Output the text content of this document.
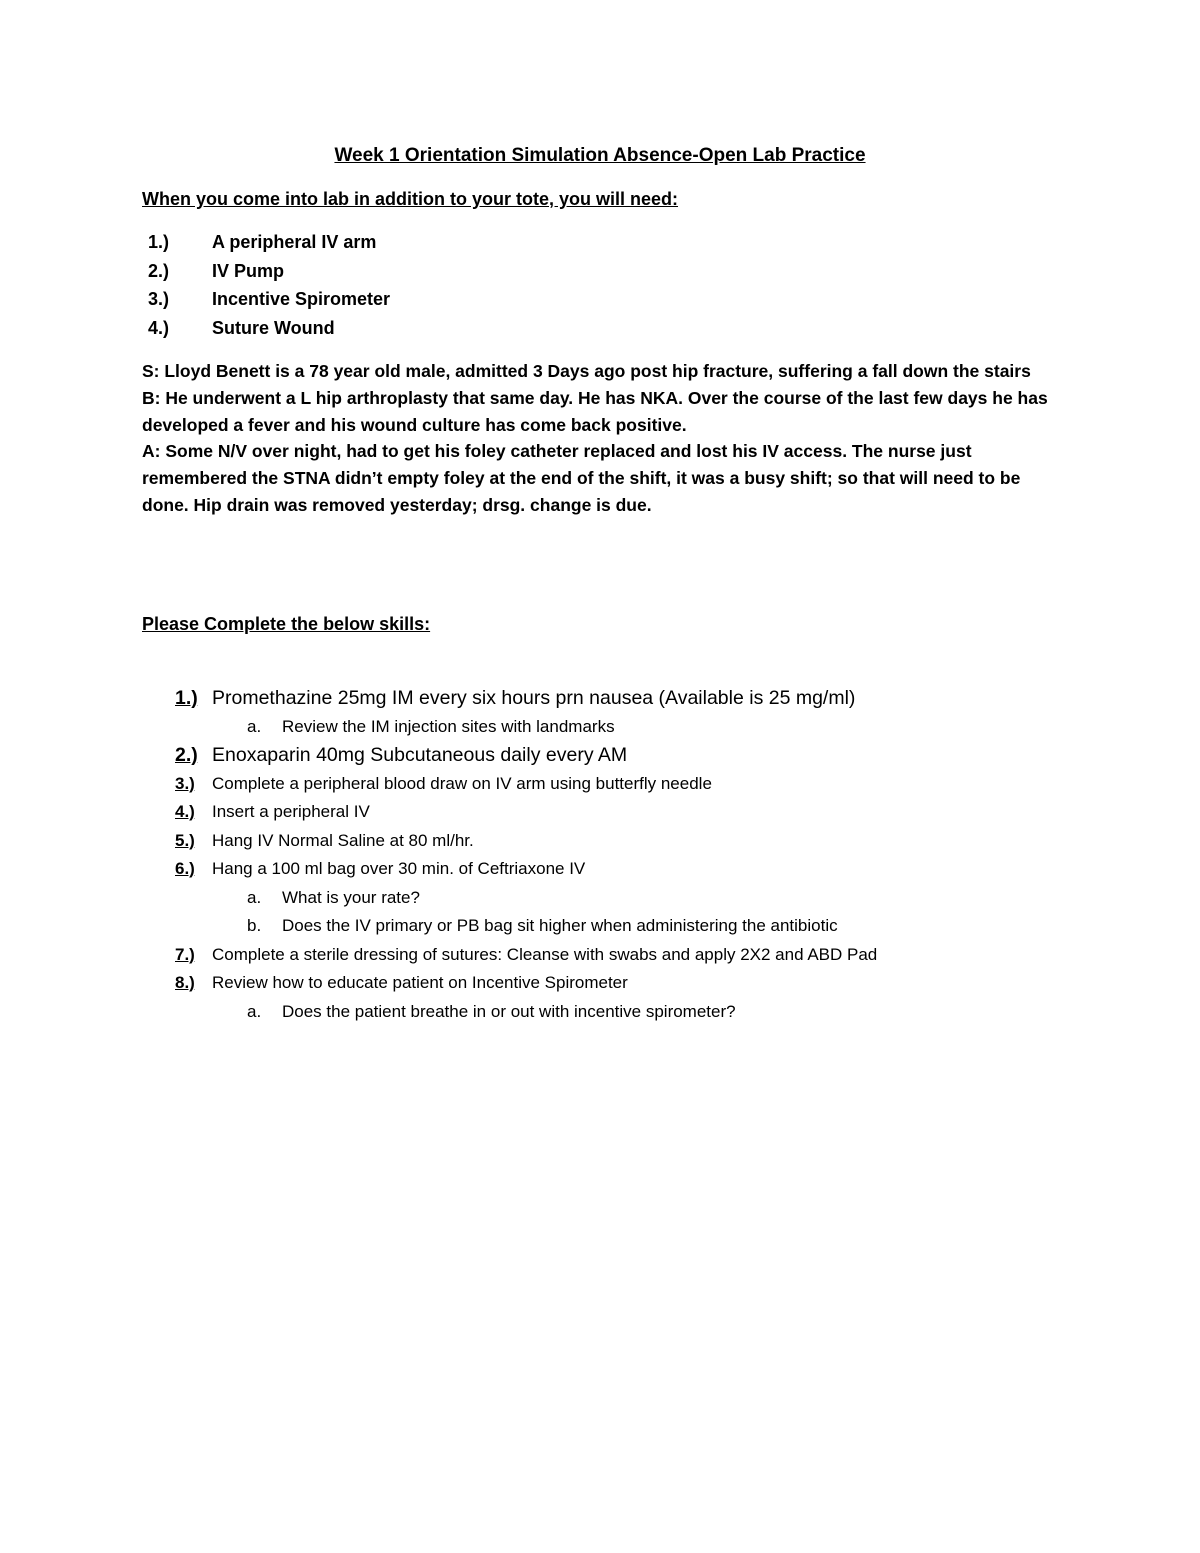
Week 1 Orientation Simulation Absence-Open Lab Practice

When you come into lab in addition to your tote, you will need:

1.) A peripheral IV arm
2.) IV Pump
3.) Incentive Spirometer
4.) Suture Wound

S: Lloyd Benett is a 78 year old male, admitted 3 Days ago post hip fracture, suffering a fall down the stairs

B: He underwent a L hip arthroplasty that same day. He has NKA. Over the course of the last few days he has developed a fever and his wound culture has come back positive.

A: Some N/V over night, had to get his foley catheter replaced and lost his IV access. The nurse just remembered the STNA didn’t empty foley at the end of the shift, it was a busy shift; so that will need to be done. Hip drain was removed yesterday; drsg. change is due.

Please Complete the below skills:

1.) Promethazine 25mg IM every six hours prn nausea (Available is 25 mg/ml)
a. Review the IM injection sites with landmarks
2.) Enoxaparin 40mg Subcutaneous daily every AM
3.) Complete a peripheral blood draw on IV arm using butterfly needle
4.) Insert a peripheral IV
5.) Hang IV Normal Saline at 80 ml/hr.
6.) Hang a 100 ml bag over 30 min. of Ceftriaxone IV
a. What is your rate?
b. Does the IV primary or PB bag sit higher when administering the antibiotic
7.) Complete a sterile dressing of sutures: Cleanse with swabs and apply 2X2 and ABD Pad
8.) Review how to educate patient on Incentive Spirometer
a. Does the patient breathe in or out with incentive spirometer?
